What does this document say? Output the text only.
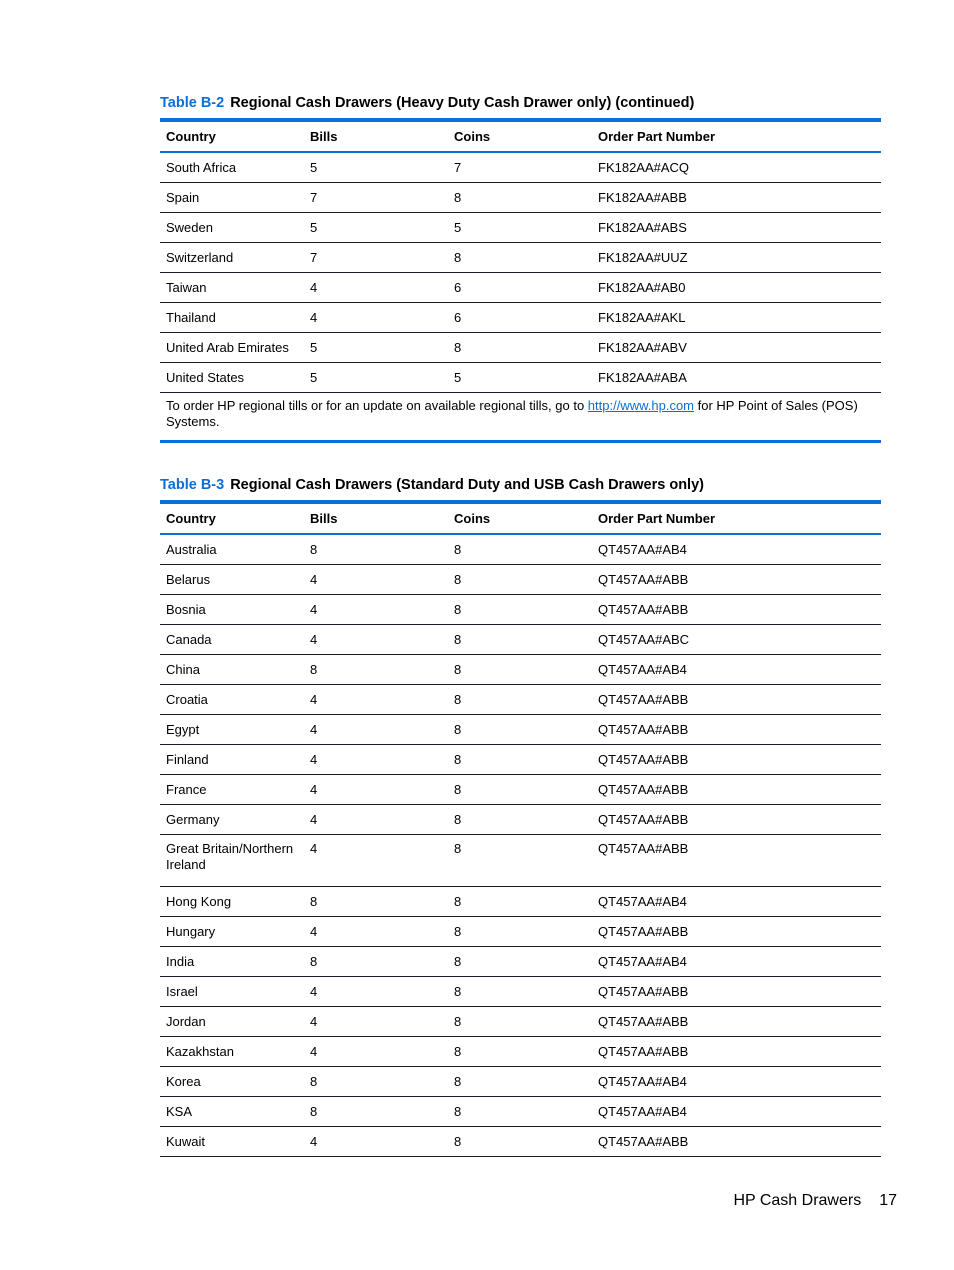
Table B-2 Regional Cash Drawers (Heavy Duty Cash Drawer only) (continued)
Country	Bills	Coins	Order Part Number
South Africa	5	7	FK182AA#ACQ
Spain	7	8	FK182AA#ABB
Sweden	5	5	FK182AA#ABS
Switzerland	7	8	FK182AA#UUZ
Taiwan	4	6	FK182AA#AB0
Thailand	4	6	FK182AA#AKL
United Arab Emirates	5	8	FK182AA#ABV
United States	5	5	FK182AA#ABA
To order HP regional tills or for an update on available regional tills, go to http://www.hp.com for HP Point of Sales (POS) Systems.			
Table B-3 Regional Cash Drawers (Standard Duty and USB Cash Drawers only)
Country	Bills	Coins	Order Part Number
Australia	8	8	QT457AA#AB4
Belarus	4	8	QT457AA#ABB
Bosnia	4	8	QT457AA#ABB
Canada	4	8	QT457AA#ABC
China	8	8	QT457AA#AB4
Croatia	4	8	QT457AA#ABB
Egypt	4	8	QT457AA#ABB
Finland	4	8	QT457AA#ABB
France	4	8	QT457AA#ABB
Germany	4	8	QT457AA#ABB
Great Britain/Northern Ireland	4	8	QT457AA#ABB
Hong Kong	8	8	QT457AA#AB4
Hungary	4	8	QT457AA#ABB
India	8	8	QT457AA#AB4
Israel	4	8	QT457AA#ABB
Jordan	4	8	QT457AA#ABB
Kazakhstan	4	8	QT457AA#ABB
Korea	8	8	QT457AA#AB4
KSA	8	8	QT457AA#AB4
Kuwait	4	8	QT457AA#ABB
HP Cash Drawers 17
